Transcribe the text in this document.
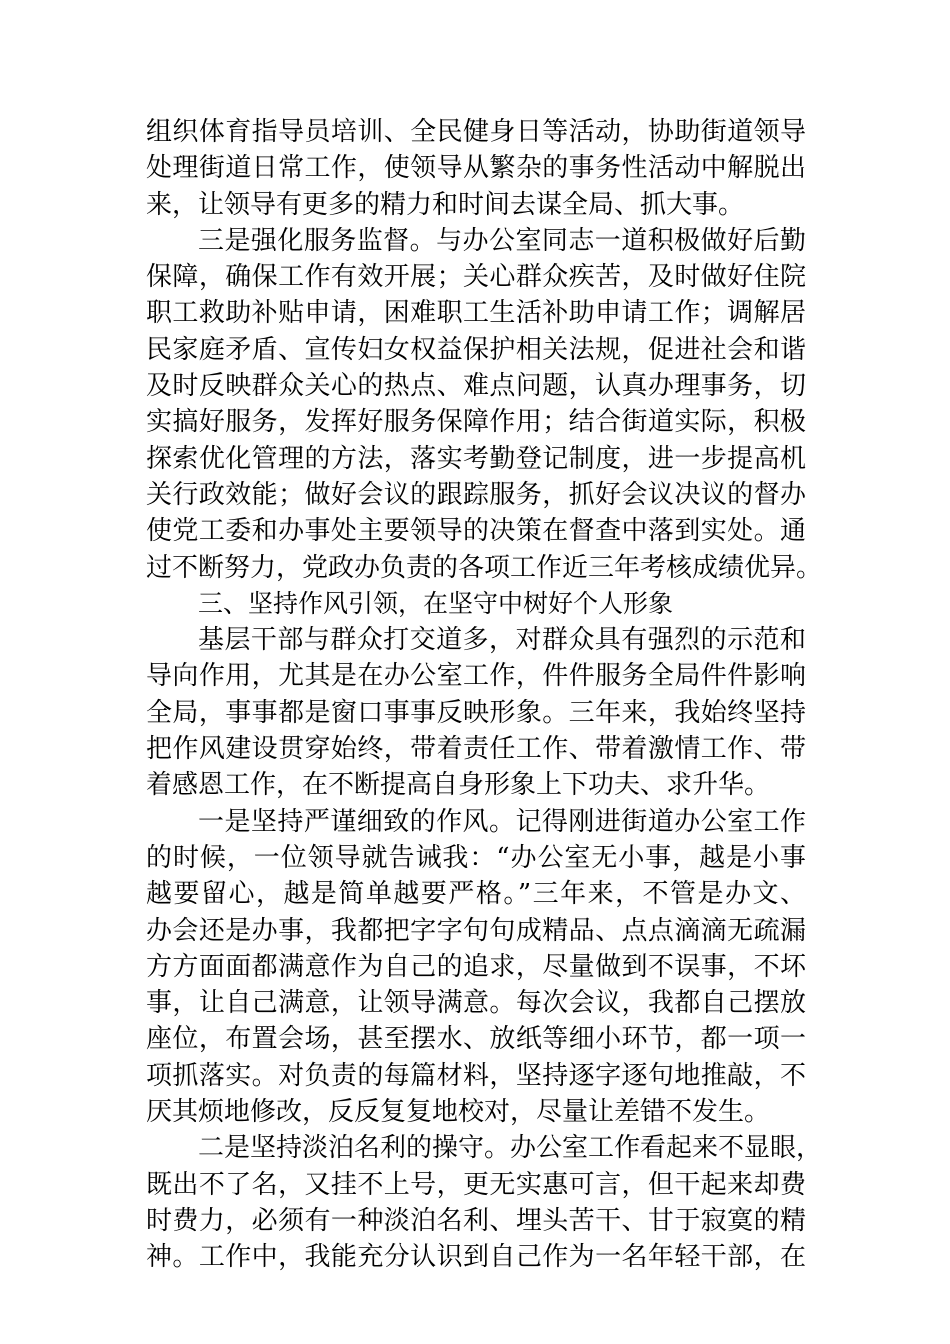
组织体育指导员培训、全民健身日等活动，协助街道领导
处理街道日常工作，使领导从繁杂的事务性活动中解脱出
来，让领导有更多的精力和时间去谋全局、抓大事。
三是强化服务监督。与办公室同志一道积极做好后勤
保障，确保工作有效开展；关心群众疾苦，及时做好住院
职工救助补贴申请，困难职工生活补助申请工作；调解居
民家庭矛盾、宣传妇女权益保护相关法规，促进社会和谐
及时反映群众关心的热点、难点问题，认真办理事务，切
实搞好服务，发挥好服务保障作用；结合街道实际，积极
探索优化管理的方法，落实考勤登记制度，进一步提高机
关行政效能；做好会议的跟踪服务，抓好会议决议的督办
使党工委和办事处主要领导的决策在督查中落到实处。通
过不断努力，党政办负责的各项工作近三年考核成绩优异。
三、坚持作风引领，在坚守中树好个人形象
基层干部与群众打交道多，对群众具有强烈的示范和
导向作用，尤其是在办公室工作，件件服务全局件件影响
全局，事事都是窗口事事反映形象。三年来，我始终坚持
把作风建设贯穿始终，带着责任工作、带着激情工作、带
着感恩工作，在不断提高自身形象上下功夫、求升华。
一是坚持严谨细致的作风。记得刚进街道办公室工作
的时候，一位领导就告诫我：“办公室无小事，越是小事
越要留心，越是简单越要严格。”三年来，不管是办文、
办会还是办事，我都把字字句句成精品、点点滴滴无疏漏
方方面面都满意作为自己的追求，尽量做到不误事，不坏
事，让自己满意，让领导满意。每次会议，我都自己摆放
座位，布置会场，甚至摆水、放纸等细小环节，都一项一
项抓落实。对负责的每篇材料，坚持逐字逐句地推敲，不
厌其烦地修改，反反复复地校对，尽量让差错不发生。
二是坚持淡泊名利的操守。办公室工作看起来不显眼，
既出不了名，又挂不上号，更无实惠可言，但干起来却费
时费力，必须有一种淡泊名利、埋头苦干、甘于寂寞的精
神。工作中，我能充分认识到自己作为一名年轻干部，在
